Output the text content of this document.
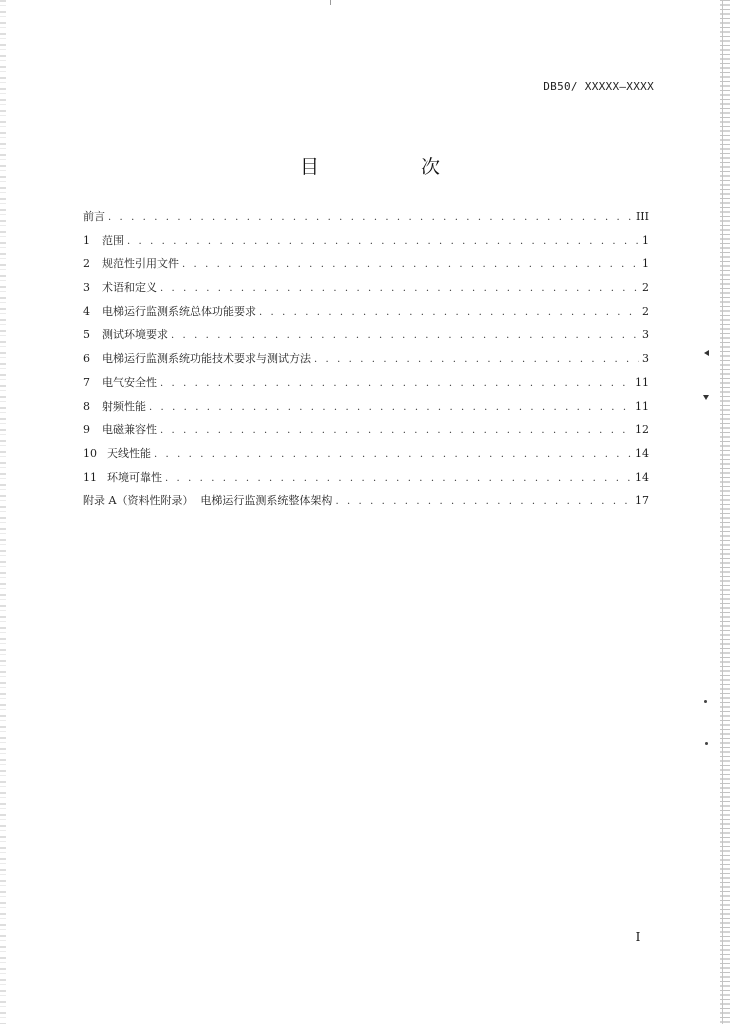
DB50/ XXXXX—XXXX
目	次
前言 . . .	III
1	范围 . . .	1
2	规范性引用文件 . . .	1
3	术语和定义 . . .	2
4	电梯运行监测系统总体功能要求 . . .	2
5	测试环境要求 . . .	3
6	电梯运行监测系统功能技术要求与测试方法 . . .	3
7	电气安全性 . . .	11
8	射频性能 . . .	11
9	电磁兼容性 . . .	12
10 天线性能 . . .	14
11 环境可靠性 . . .	14
附录 A（资料性附录）  电梯运行监测系统整体架构 . . .	17
I
